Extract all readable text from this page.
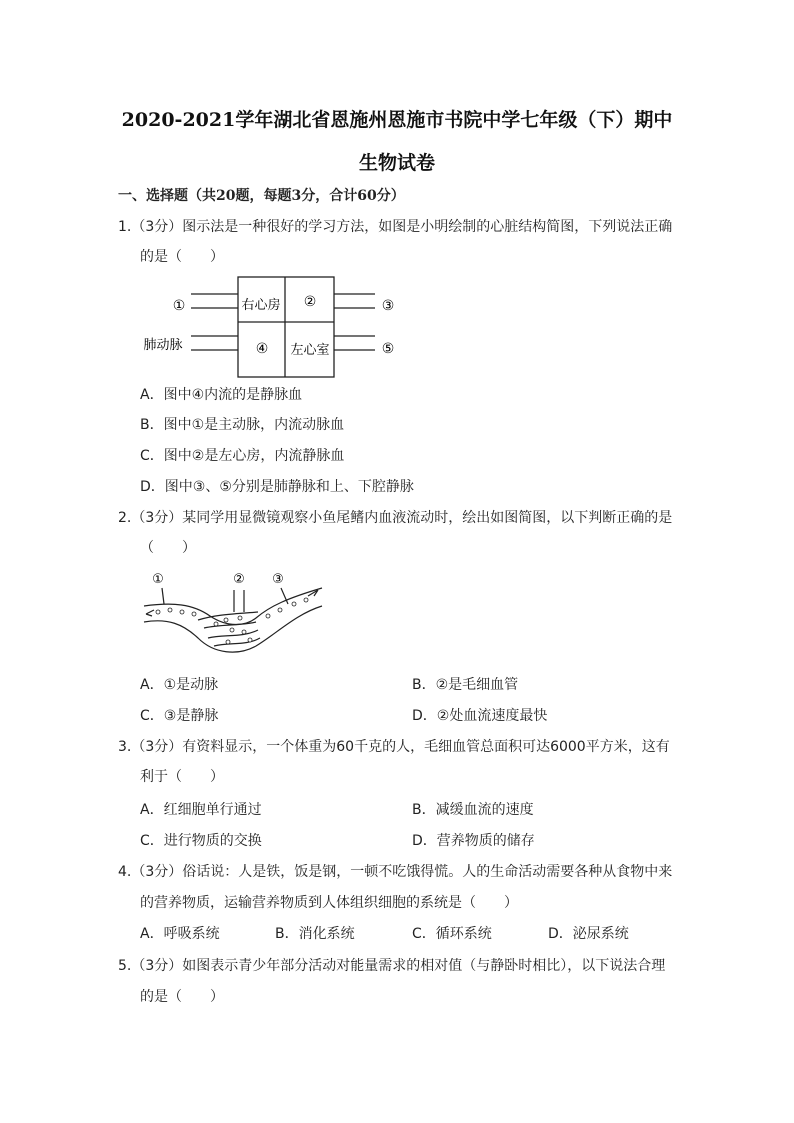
2020-2021学年湖北省恩施州恩施市书院中学七年级（下）期中
生物试卷
一、选择题（共20题，每题3分，合计60分）
1.（3分）图示法是一种很好的学习方法，如图是小明绘制的心脏结构简图，下列说法正确
的是（　　）
①	右心房 ②	③
肺动脉	④ 左心室	⑤
A．图中④内流的是静脉血
B．图中①是主动脉，内流动脉血
C．图中②是左心房，内流静脉血
D．图中③、⑤分别是肺静脉和上、下腔静脉
2.（3分）某同学用显微镜观察小鱼尾鳍内血液流动时，绘出如图简图，以下判断正确的是
（　　）
①	② ③
A．①是动脉	B．②是毛细血管
C．③是静脉	D．②处血流速度最快
3.（3分）有资料显示，一个体重为60千克的人，毛细血管总面积可达6000平方米，这有
利于（　　）
A．红细胞单行通过	B．减缓血流的速度
C．进行物质的交换	D．营养物质的储存
4.（3分）俗话说：人是铁，饭是钢，一顿不吃饿得慌。人的生命活动需要各种从食物中来
的营养物质，运输营养物质到人体组织细胞的系统是（　　）
A．呼吸系统	B．消化系统	C．循环系统	D．泌尿系统
5.（3分）如图表示青少年部分活动对能量需求的相对值（与静卧时相比），以下说法合理
的是（　　）
